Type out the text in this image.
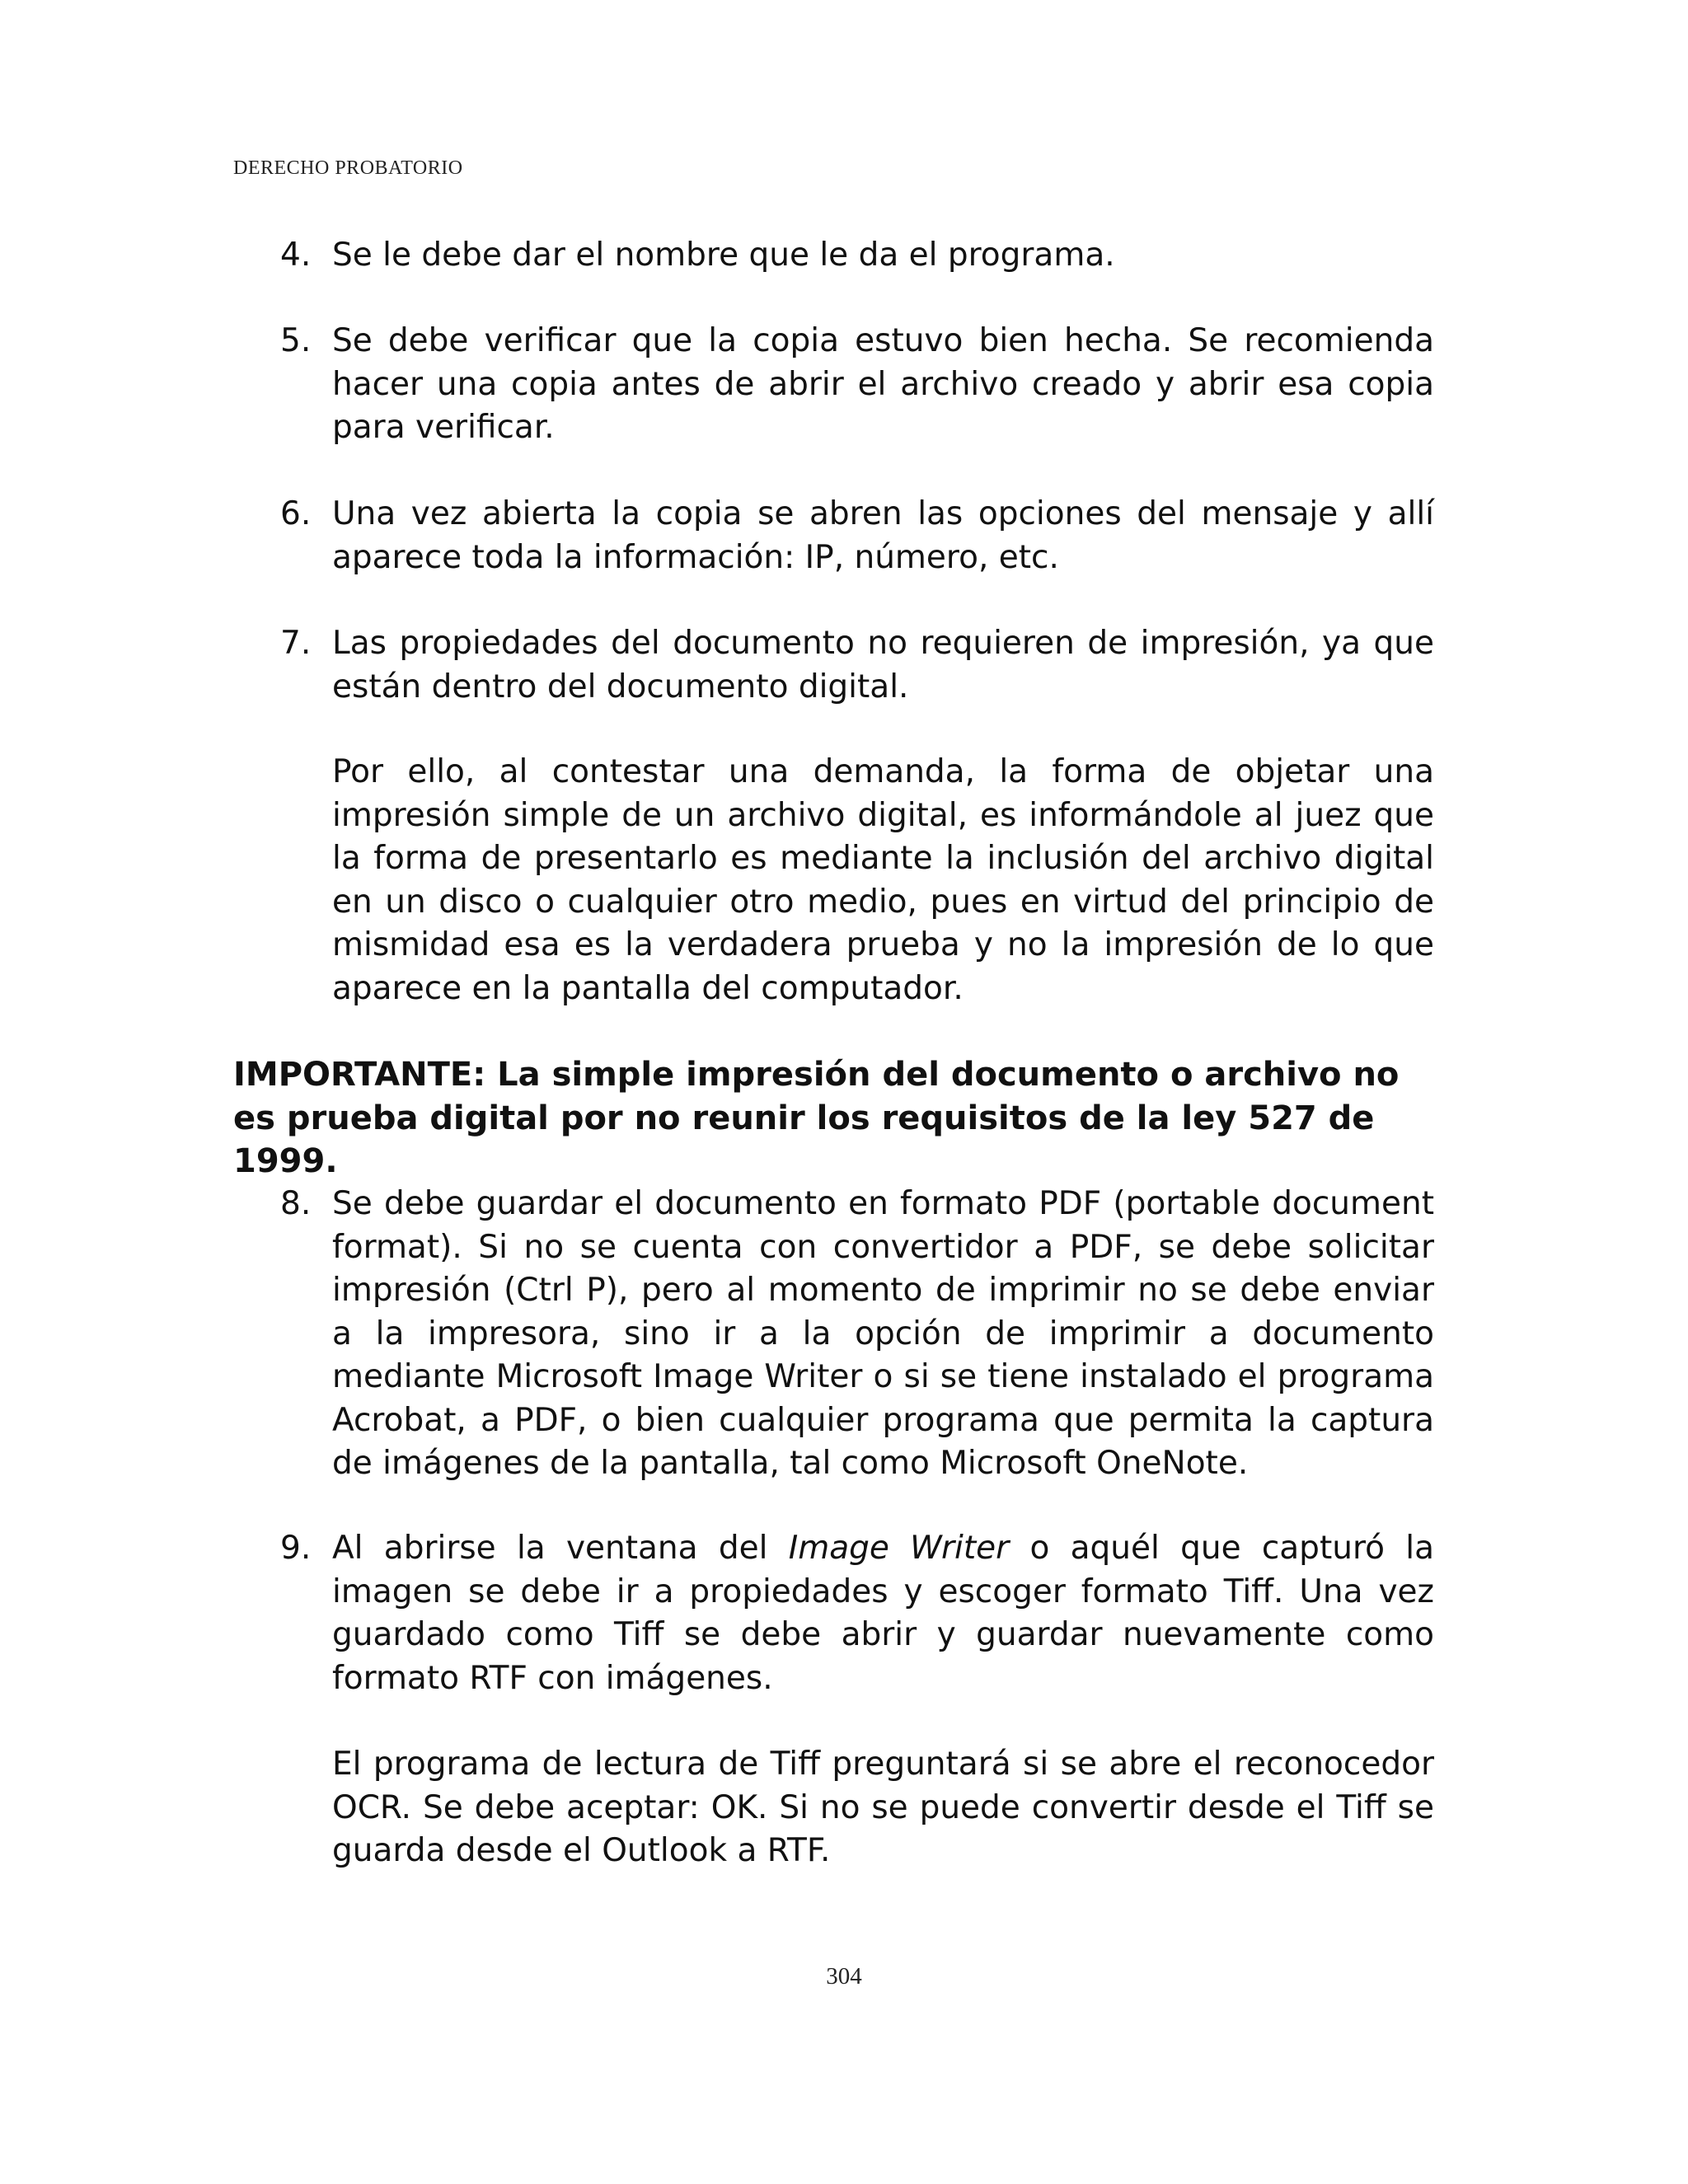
DERECHO PROBATORIO
4. Se le debe dar el nombre que le da el programa.
5. Se debe verificar que la copia estuvo bien hecha. Se recomienda hacer una copia antes de abrir el archivo creado y abrir esa copia para verificar.
6. Una vez abierta la copia se abren las opciones del mensaje y allí aparece toda la información: IP, número, etc.
7. Las propiedades del documento no requieren de impresión, ya que están dentro del documento digital.
Por ello, al contestar una demanda, la forma de objetar una impresión simple de un archivo digital, es informándole al juez que la forma de presentarlo es mediante la inclusión del archivo digital en un disco o cualquier otro medio, pues en virtud del principio de mismidad esa es la verdadera prueba y no la impresión de lo que aparece en la pantalla del computador.
IMPORTANTE: La simple impresión del documento o archivo no es prueba digital por no reunir los requisitos de la ley 527 de 1999.
8. Se debe guardar el documento en formato PDF (portable document format). Si no se cuenta con convertidor a PDF, se debe solicitar impresión (Ctrl P), pero al momento de imprimir no se debe enviar a la impresora, sino ir a la opción de imprimir a documento mediante Microsoft Image Writer o si se tiene instalado el programa Acrobat, a PDF, o bien cualquier programa que permita la captura de imágenes de la pantalla, tal como Microsoft OneNote.
9. Al abrirse la ventana del Image Writer o aquél que capturó la imagen se debe ir a propiedades y escoger formato Tiff. Una vez guardado como Tiff se debe abrir y guardar nuevamente como formato RTF con imágenes.
El programa de lectura de Tiff preguntará si se abre el reconocedor OCR. Se debe aceptar: OK. Si no se puede convertir desde el Tiff se guarda desde el Outlook a RTF.
304
